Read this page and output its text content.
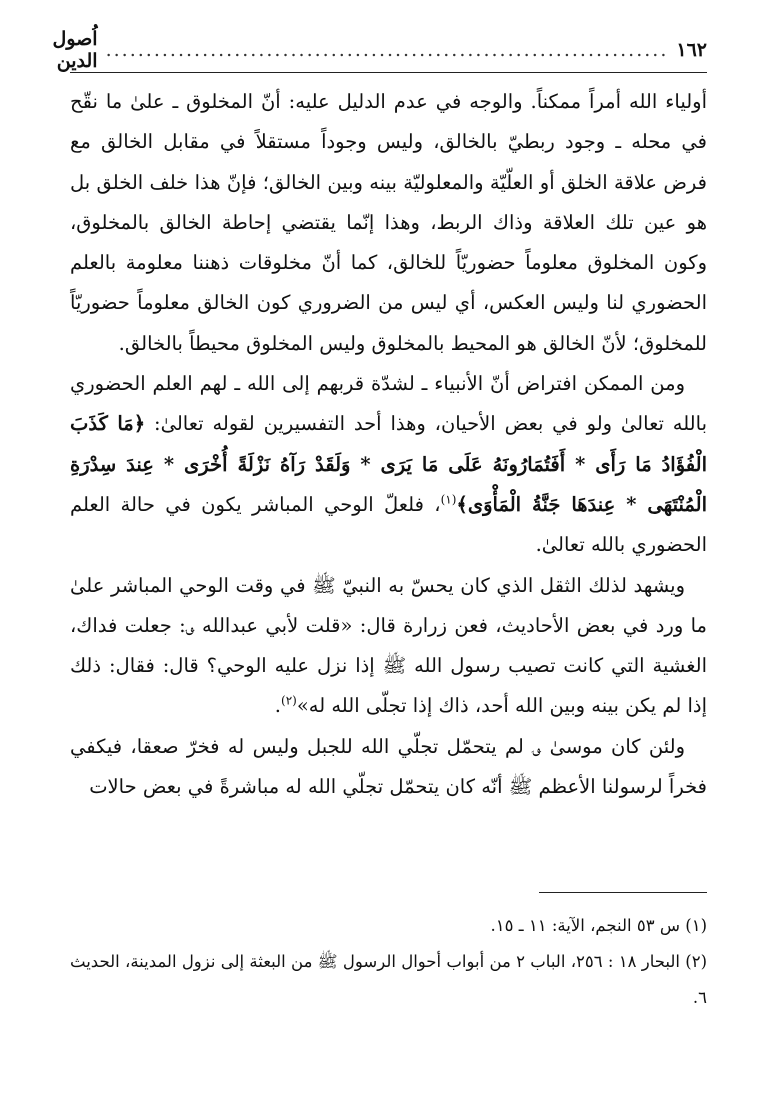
١٦٢
......................................................................
اُصول الدين

أولياء الله أمراً ممكناً. والوجه في عدم الدليل عليه: أنّ المخلوق ـ علىٰ ما نقّح في محله ـ وجود ربطيّ بالخالق، وليس وجوداً مستقلاً في مقابل الخالق مع فرض علاقة الخلق أو العلّيّة والمعلوليّة بينه وبين الخالق؛ فإنّ هذا خلف الخلق بل هو عين تلك العلاقة وذاك الربط، وهذا إنّما يقتضي إحاطة الخالق بالمخلوق، وكون المخلوق معلوماً حضوريّاً للخالق، كما أنّ مخلوقات ذهننا معلومة بالعلم الحضوري لنا وليس العكس، أي ليس من الضروري كون الخالق معلوماً حضوريّاً للمخلوق؛ لأنّ الخالق هو المحيط بالمخلوق وليس المخلوق محيطاً بالخالق.

ومن الممكن افتراض أنّ الأنبياء ـ لشدّة قربهم إلى الله ـ لهم العلم الحضوري بالله تعالىٰ ولو في بعض الأحيان، وهذا أحد التفسيرين لقوله تعالىٰ: ﴿مَا كَذَبَ الْفُؤَادُ مَا رَأَى * أَفَتُمَارُونَهُ عَلَى مَا يَرَى * وَلَقَدْ رَآهُ نَزْلَةً أُخْرَى * عِندَ سِدْرَةِ الْمُنْتَهَى * عِندَهَا جَنَّةُ الْمَأْوَى﴾$^{(١)}$، فلعلّ الوحي المباشر يكون في حالة العلم الحضوري بالله تعالىٰ.

ويشهد لذلك الثقل الذي كان يحسّ به النبيّ ﷺ في وقت الوحي المباشر علىٰ ما ورد في بعض الأحاديث، فعن زرارة قال: «قلت لأبي عبدالله ؈: جعلت فداك، الغشية التي كانت تصيب رسول الله ﷺ إذا نزل عليه الوحي؟ قال: فقال: ذلك إذا لم يكن بينه وبين الله أحد، ذاك إذا تجلّى الله له»$^{(٢)}$.

ولئن كان موسىٰ ؈ لم يتحمّل تجلّي الله للجبل وليس له فخرّ صعقا، فيكفي فخراً لرسولنا الأعظم ﷺ أنّه كان يتحمّل تجلّي الله له مباشرةً في بعض حالات

(١) س ٥٣ النجم، الآية: ١١ ـ ١٥.

(٢) البحار ١٨ : ٢٥٦، الباب ٢ من أبواب أحوال الرسول ﷺ من البعثة إلى نزول المدينة، الحديث ٦.
